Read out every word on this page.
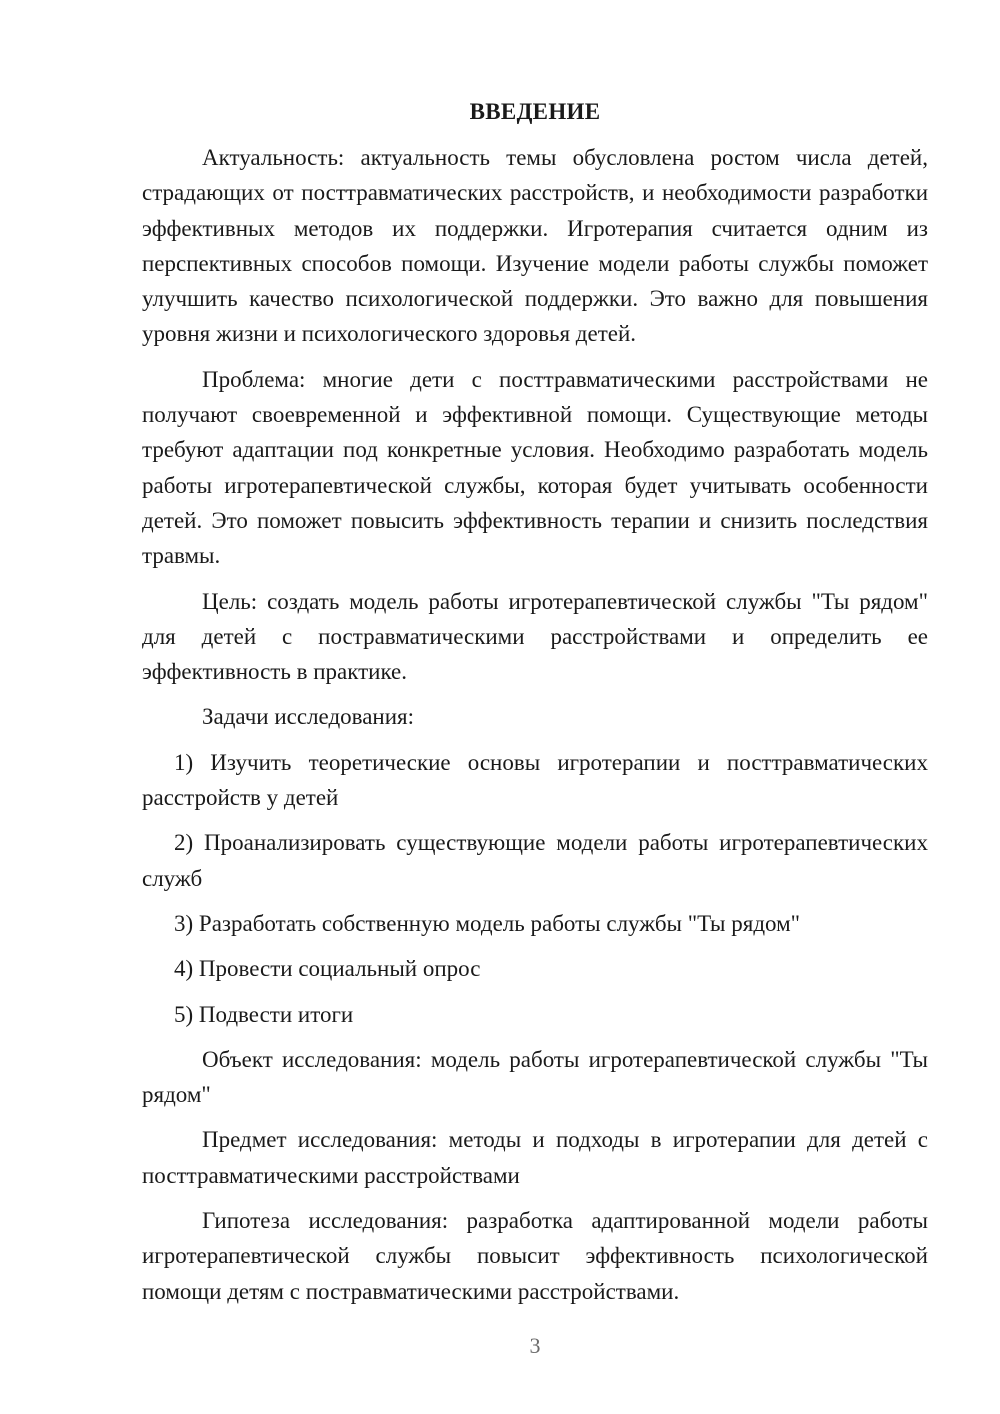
ВВЕДЕНИЕ

Актуальность: актуальность темы обусловлена ростом числа детей, страдающих от посттравматических расстройств, и необходимости разработки эффективных методов их поддержки. Игротерапия считается одним из перспективных способов помощи. Изучение модели работы службы поможет улучшить качество психологической поддержки. Это важно для повышения уровня жизни и психологического здоровья детей.

Проблема: многие дети с посттравматическими расстройствами не получают своевременной и эффективной помощи. Существующие методы требуют адаптации под конкретные условия. Необходимо разработать модель работы игротерапевтической службы, которая будет учитывать особенности детей. Это поможет повысить эффективность терапии и снизить последствия травмы.

Цель: создать модель работы игротерапевтической службы "Ты рядом" для детей с постравматическими расстройствами и определить ее эффективность в практике.

Задачи исследования:

1) Изучить теоретические основы игротерапии и посттравматических расстройств у детей

2) Проанализировать существующие модели работы игротерапевтических служб

3) Разработать собственную модель работы службы "Ты рядом"

4) Провести социальный опрос

5) Подвести итоги

Объект исследования: модель работы игротерапевтической службы "Ты рядом"

Предмет исследования: методы и подходы в игротерапии для детей с посттравматическими расстройствами

Гипотеза исследования: разработка адаптированной модели работы игротерапевтической службы повысит эффективность психологической помощи детям с постравматическими расстройствами.

3
